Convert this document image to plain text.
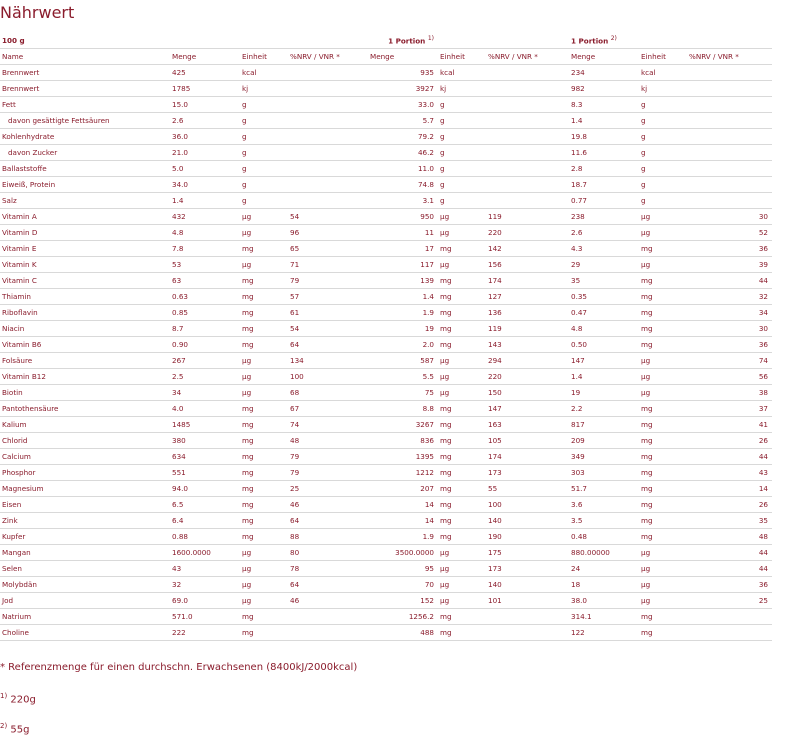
Nährwert
100 g			1 Portion $^{1)}$				1 Portion $^{2)}$		
Name	Menge	Einheit	%NRV / VNR *	Menge	Einheit	%NRV / VNR *	Menge	Einheit	%NRV / VNR *
Brennwert	425	kcal		935	kcal		234	kcal	
Brennwert	1785	kj		3927	kj		982	kj	
Fett	15.0	g		33.0	g		8.3	g	
davon gesättigte Fettsäuren	2.6	g		5.7	g		1.4	g	
Kohlenhydrate	36.0	g		79.2	g		19.8	g	
davon Zucker	21.0	g		46.2	g		11.6	g	
Ballaststoffe	5.0	g		11.0	g		2.8	g	
Eiweiß, Protein	34.0	g		74.8	g		18.7	g	
Salz	1.4	g		3.1	g		0.77	g	
Vitamin A	432	µg	54	950	µg	119	238	µg	30
Vitamin D	4.8	µg	96	11	µg	220	2.6	µg	52
Vitamin E	7.8	mg	65	17	mg	142	4.3	mg	36
Vitamin K	53	µg	71	117	µg	156	29	µg	39
Vitamin C	63	mg	79	139	mg	174	35	mg	44
Thiamin	0.63	mg	57	1.4	mg	127	0.35	mg	32
Riboflavin	0.85	mg	61	1.9	mg	136	0.47	mg	34
Niacin	8.7	mg	54	19	mg	119	4.8	mg	30
Vitamin B6	0.90	mg	64	2.0	mg	143	0.50	mg	36
Folsäure	267	µg	134	587	µg	294	147	µg	74
Vitamin B12	2.5	µg	100	5.5	µg	220	1.4	µg	56
Biotin	34	µg	68	75	µg	150	19	µg	38
Pantothensäure	4.0	mg	67	8.8	mg	147	2.2	mg	37
Kalium	1485	mg	74	3267	mg	163	817	mg	41
Chlorid	380	mg	48	836	mg	105	209	mg	26
Calcium	634	mg	79	1395	mg	174	349	mg	44
Phosphor	551	mg	79	1212	mg	173	303	mg	43
Magnesium	94.0	mg	25	207	mg	55	51.7	mg	14
Eisen	6.5	mg	46	14	mg	100	3.6	mg	26
Zink	6.4	mg	64	14	mg	140	3.5	mg	35
Kupfer	0.88	mg	88	1.9	mg	190	0.48	mg	48
Mangan	1600.0000	µg	80	3500.0000	µg	175	880.00000	µg	44
Selen	43	µg	78	95	µg	173	24	µg	44
Molybdän	32	µg	64	70	µg	140	18	µg	36
Jod	69.0	µg	46	152	µg	101	38.0	µg	25
Natrium	571.0	mg		1256.2	mg		314.1	mg	
Choline	222	mg		488	mg		122	mg	
* Referenzmenge für einen durchschn. Erwachsenen (8400kJ/2000kcal)
$^{1)}$ 220g
$^{2)}$ 55g
